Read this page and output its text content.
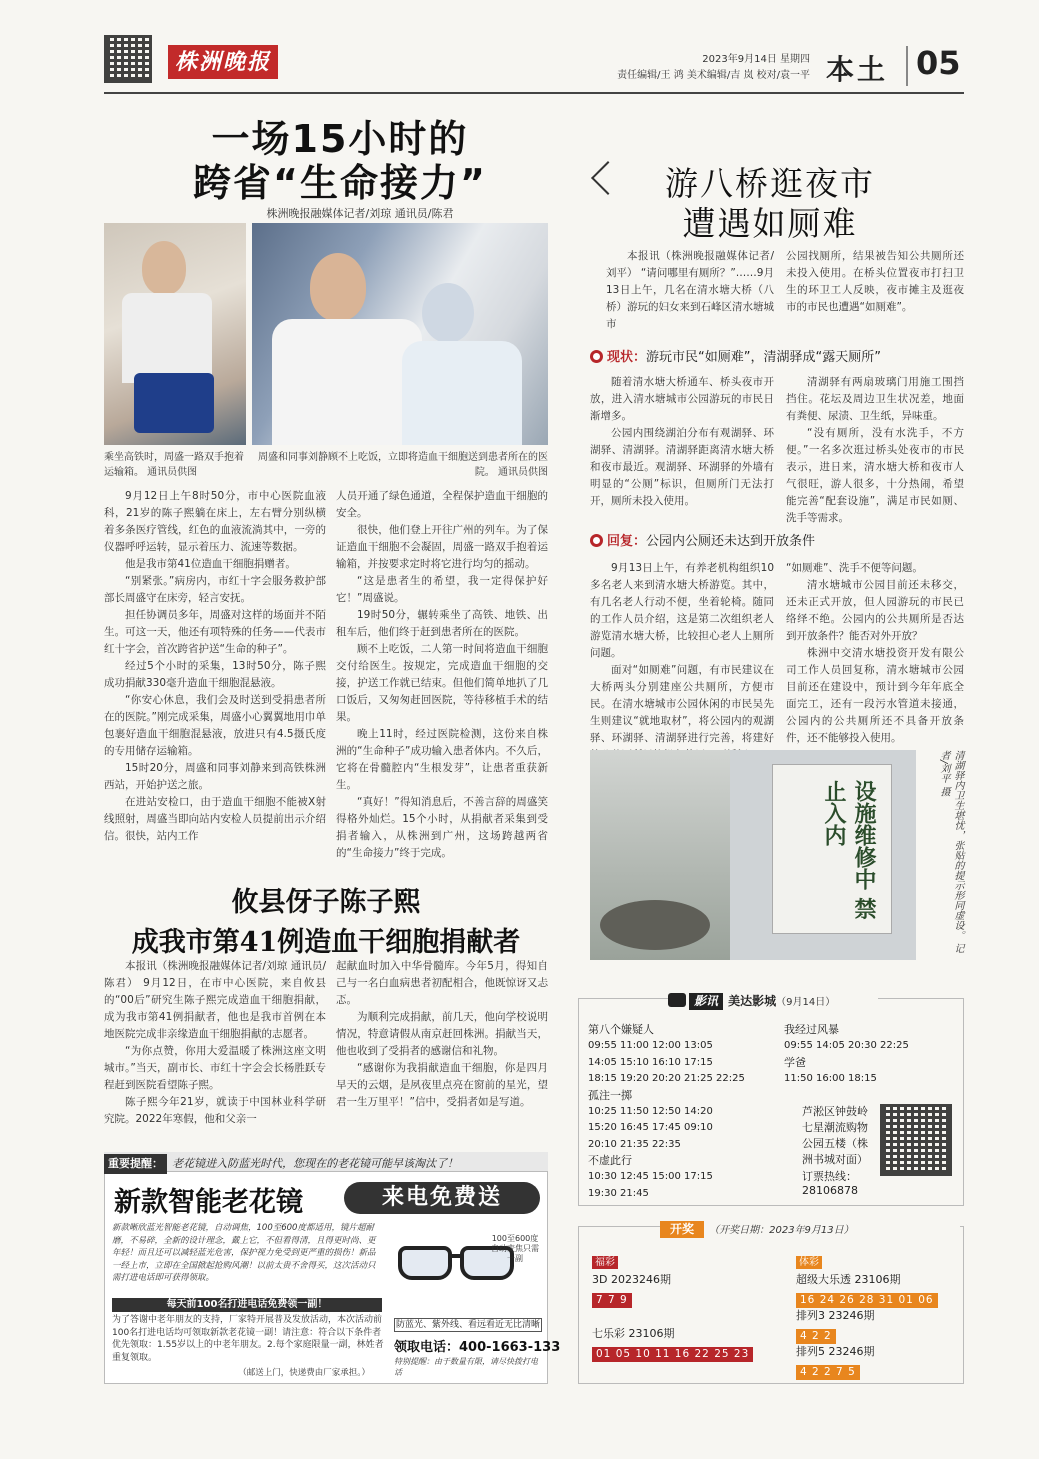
株洲晚报	2023年9月14日 星期四
责任编辑/王 鸿 美术编辑/吉 岚 校对/袁一平 本土 05
一场15小时的
跨省“生命接力”
株洲晚报融媒体记者/刘琼 通讯员/陈君
乘坐高铁时，周盛一路双手抱着运输箱。 通讯员供图
周盛和同事刘静顾不上吃饭，立即将造血干细胞送到患者所在的医院。 通讯员供图

9月12日上午8时50分，市中心医院血液科，21岁的陈子熙躺在床上，左右臂分别纵横着多条医疗管线，红色的血液流淌其中，一旁的仪器呼呼运转，显示着压力、流速等数据。

他是我市第41位造血干细胞捐赠者。

“别紧张。”病房内，市红十字会服务救护部部长周盛守在床旁，轻言安抚。

担任协调员多年，周盛对这样的场面并不陌生。可这一天，他还有项特殊的任务——代表市红十字会，首次跨省护送“生命的种子”。

经过5个小时的采集，13时50分，陈子熙成功捐献330毫升造血干细胞混悬液。

“你安心休息，我们会及时送到受捐患者所在的医院。”刚完成采集，周盛小心翼翼地用巾单包裹好造血干细胞混悬液，放进只有4.5摄氏度的专用储存运输箱。

15时20分，周盛和同事刘静来到高铁株洲西站，开始护送之旅。

在进站安检口，由于造血干细胞不能被X射线照射，周盛当即向站内安检人员提前出示介绍信。很快，站内工作

人员开通了绿色通道，全程保护造血干细胞的安全。

很快，他们登上开往广州的列车。为了保证造血干细胞不会凝固，周盛一路双手抱着运输箱，并按要求定时将它进行均匀的摇动。

“这是患者生的希望，我一定得保护好它！”周盛说。

19时50分，辗转乘坐了高铁、地铁、出租车后，他们终于赶到患者所在的医院。

顾不上吃饭，二人第一时间将造血干细胞交付给医生。按规定，完成造血干细胞的交接，护送工作就已结束。但他们简单地扒了几口饭后，又匆匆赶回医院，等待移植手术的结果。

晚上11时，经过医院检测，这份来自株洲的“生命种子”成功输入患者体内。不久后，它将在骨髓腔内“生根发芽”，让患者重获新生。

“真好！”得知消息后，不善言辞的周盛笑得格外灿烂。15个小时，从捐献者采集到受捐者输入，从株洲到广州，这场跨越两省的“生命接力”终于完成。

攸县伢子陈子熙
成我市第41例造血干细胞捐献者

本报讯（株洲晚报融媒体记者/刘琼 通讯员/陈君） 9月12日，在市中心医院，来自攸县的“00后”研究生陈子熙完成造血干细胞捐献，成为我市第41例捐献者，他也是我市首例在本地医院完成非亲缘造血干细胞捐献的志愿者。

“为你点赞，你用大爱温暖了株洲这座文明城市。”当天，副市长、市红十字会会长杨胜跃专程赶到医院看望陈子熙。

陈子熙今年21岁，就读于中国林业科学研究院。2022年寒假，他和父亲一

起献血时加入中华骨髓库。今年5月，得知自己与一名白血病患者初配相合，他既惊讶又忐忑。

为顺利完成捐献，前几天，他向学校说明情况，特意请假从南京赶回株洲。捐献当天，他也收到了受捐者的感谢信和礼物。

“感谢你为我捐献造血干细胞，你是四月早天的云烟，是夙夜里点亮在窗前的星光，望君一生万里平！”信中，受捐者如是写道。

重要提醒： 老花镜进入防蓝光时代，您现在的老花镜可能早该淘汰了！
新款智能老花镜	来电免费送
新款晰欣蓝光智能老花镜，自动调焦，100至600度都适用，镜片超耐磨，不易碎，全新的设计理念，戴上它，不但看得清，且得更时尚、更年轻！而且还可以减轻蓝光危害，保护视力免受到更严重的损伤！新品一经上市，立即在全国掀起抢购风潮！以前太贵不舍得买，这次活动只需打进电话即可获得领取。
每天前100名打进电话免费领一副！
为了答谢中老年朋友的支持，厂家特开展普及发放活动，本次活动前100名打进电话均可领取新款老花镜一副！请注意：符合以下条件者优先领取：1.55岁以上的中老年朋友。2.每个家庭限量一副，林姓者重复领取。
（邮送上门，快递费由厂家承担。）
100至600度自动变焦只需一副
防蓝光、紫外线、看远看近无比清晰
领取电话：400-1663-133
特别提醒：由于数量有限，请尽快拨打电话
游八桥逛夜市
遭遇如厕难

本报讯（株洲晚报融媒体记者/刘平） “请问哪里有厕所？”……9月13日上午，几名在清水塘大桥（八桥）游玩的妇女来到石峰区清水塘城市

公园找厕所，结果被告知公共厕所还未投入使用。在桥头位置夜市打扫卫生的环卫工人反映，夜市摊主及逛夜市的市民也遭遇“如厕难”。

现状：游玩市民“如厕难”，清湖驿成“露天厕所”

随着清水塘大桥通车、桥头夜市开放，进入清水塘城市公园游玩的市民日渐增多。

公园内围绕湖泊分布有观湖驿、环湖驿、清湖驿。清湖驿距离清水塘大桥和夜市最近。观湖驿、环湖驿的外墙有明显的“公厕”标识，但厕所门无法打开，厕所未投入使用。

清湖驿有两扇玻璃门用施工围挡挡住。花坛及周边卫生状况差，地面有粪便、尿渍、卫生纸，异味重。

“没有厕所，没有水洗手，不方便。”一名多次逛过桥头处夜市的市民表示，进日来，清水塘大桥和夜市人气很旺，游人很多，十分热闹，希望能完善“配套设施”，满足市民如厕、洗手等需求。

回复：公园内公厕还未达到开放条件

9月13日上午，有养老机构组织10多名老人来到清水塘大桥游览。其中，有几名老人行动不便，坐着轮椅。随同的工作人员介绍，这是第二次组织老人游览清水塘大桥，比较担心老人上厕所问题。

面对“如厕难”问题，有市民建议在大桥两头分别建座公共厕所，方便市民。在清水塘城市公园休闲的市民吴先生则建议“就地取材”，将公园内的观湖驿、环湖驿、清湖驿进行完善，将建好

“如厕难”、洗手不便等问题。

清水塘城市公园目前还未移交，还未正式开放，但人园游玩的市民已络绎不绝。公园内的公共厕所是否达到开放条件？能否对外开放？

株洲中交清水塘投资开发有限公司工作人员回复称，清水塘城市公园目前还在建设中，预计到今年年底全面完工，还有一段污水管道未接通，公园内的公共厕所还不具备开放条件，还不能够投入使用。

设施维修中 禁止入内	清湖驿内卫生堪忧，张贴的提示形同虚设。 记者/刘平 摄
影讯 美达影城（9月14日）
第八个嫌疑人
09:55 11:00 12:00 13:05
14:05 15:10 16:10 17:15
18:15 19:20 20:20 21:25 22:25
孤注一掷
10:25 11:50 12:50 14:20
15:20 16:45 17:45 09:10
20:10 21:35 22:35
不虚此行
10:30 12:45 15:00 17:15
19:30 21:45
我经过风暴
09:55 14:05 20:30 22:25
学爸
11:50 16:00 18:15
芦淞区钟鼓岭七星潮流购物公园五楼（株洲书城对面）
订票热线：
28106878
开奖 （开奖日期：2023年9月13日）
福彩
3D 2023246期
7 7 9
七乐彩 23106期
01 05 10 11 16 22 25 23
体彩
超级大乐透 23106期
16 24 26 28 31 01 06
排列3 23246期
4 2 2
排列5 23246期
4 2 2 7 5
